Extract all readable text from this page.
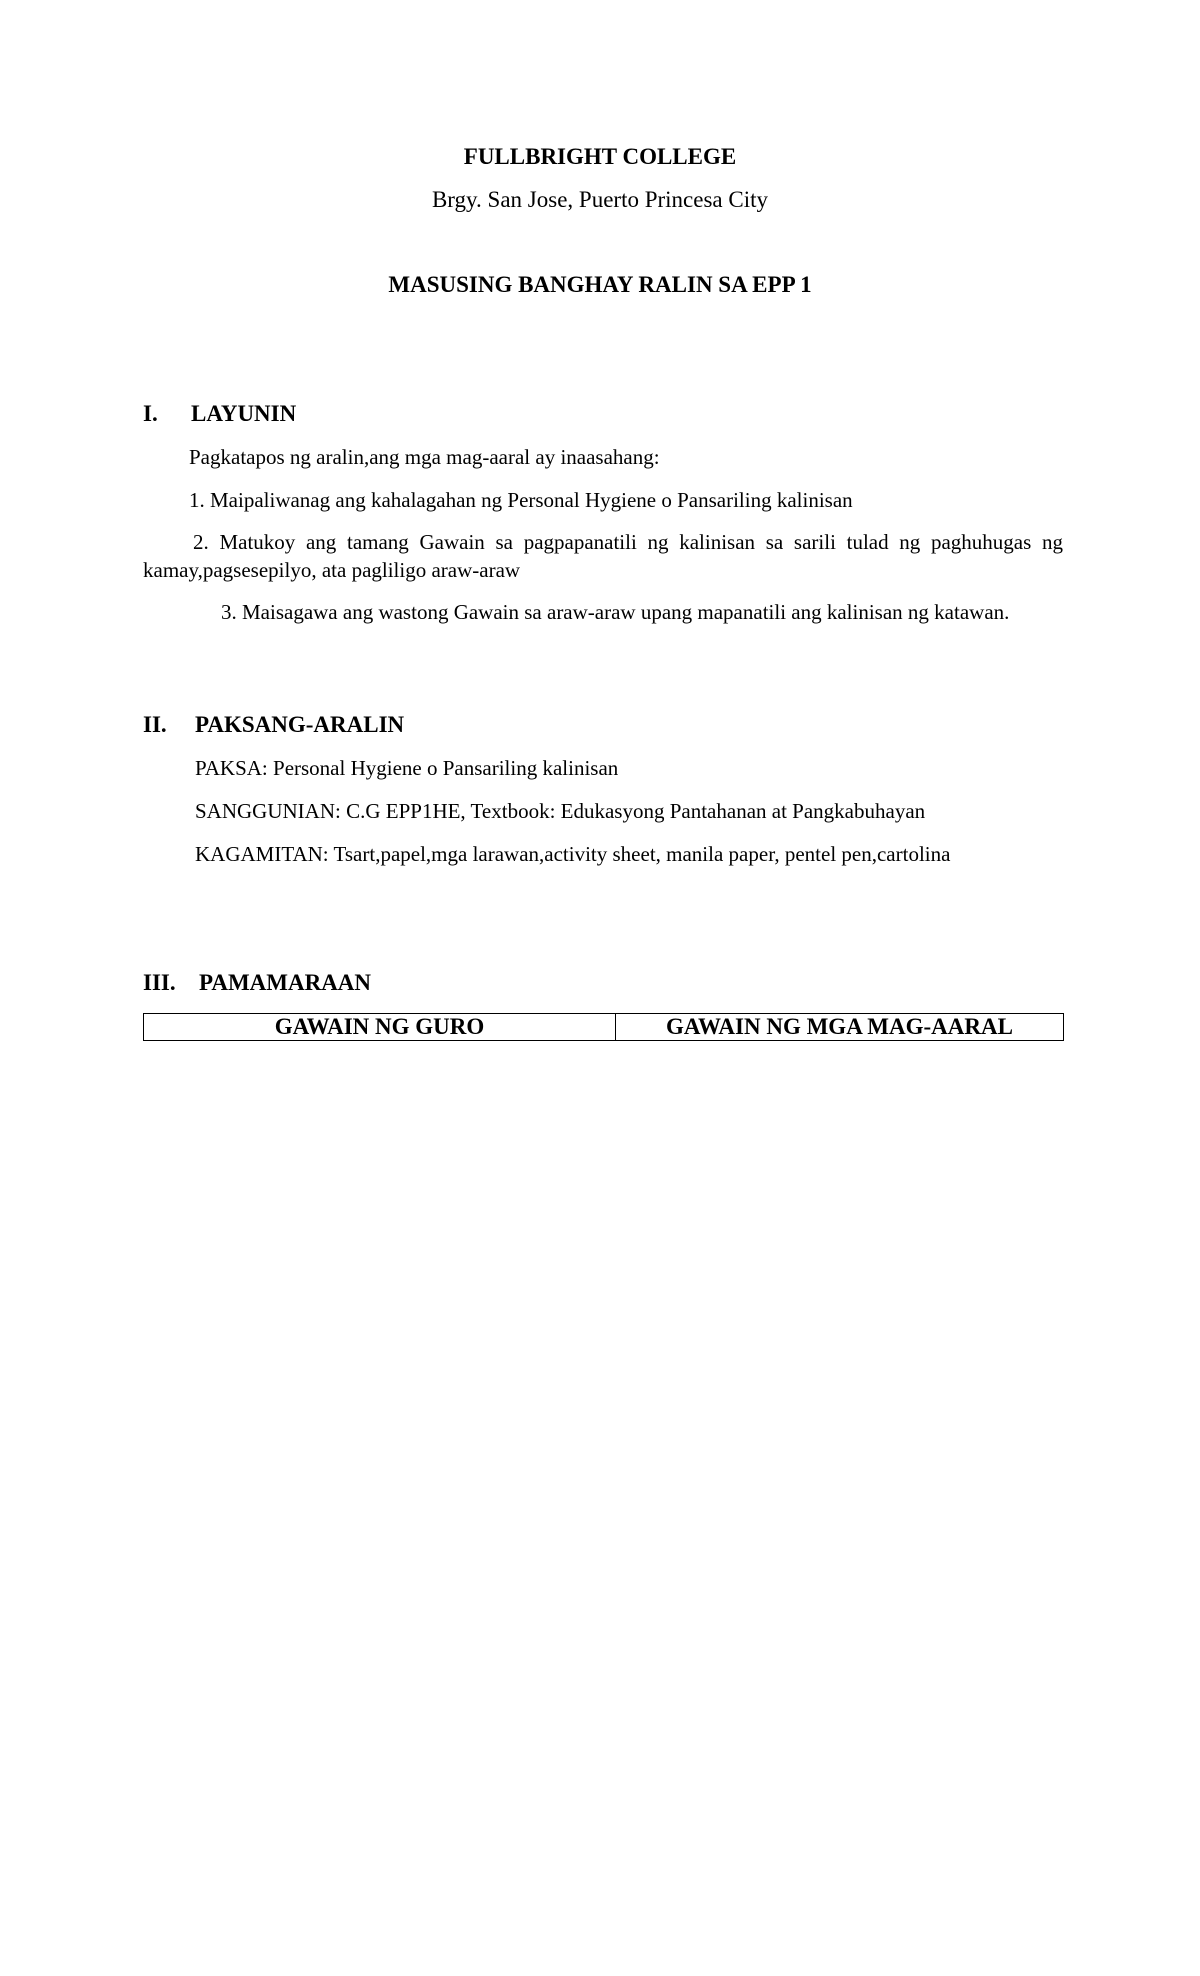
FULLBRIGHT COLLEGE
Brgy. San Jose, Puerto Princesa City
MASUSING BANGHAY RALIN SA EPP 1
I. LAYUNIN
Pagkatapos ng aralin,ang mga mag-aaral ay inaasahang:
1. Maipaliwanag ang kahalagahan ng Personal Hygiene o Pansariling kalinisan
2. Matukoy ang tamang Gawain sa pagpapanatili ng kalinisan sa sarili tulad ng paghuhugas ng kamay,pagsesepilyo, ata pagliligo araw-araw
3. Maisagawa ang wastong Gawain sa araw-araw upang mapanatili ang kalinisan ng katawan.
II. PAKSANG-ARALIN
PAKSA: Personal Hygiene o Pansariling kalinisan
SANGGUNIAN: C.G EPP1HE, Textbook: Edukasyong Pantahanan at Pangkabuhayan
KAGAMITAN: Tsart,papel,mga larawan,activity sheet, manila paper, pentel pen,cartolina
III. PAMAMARAAN
GAWAIN NG GURO	GAWAIN NG MGA MAG-AARAL
